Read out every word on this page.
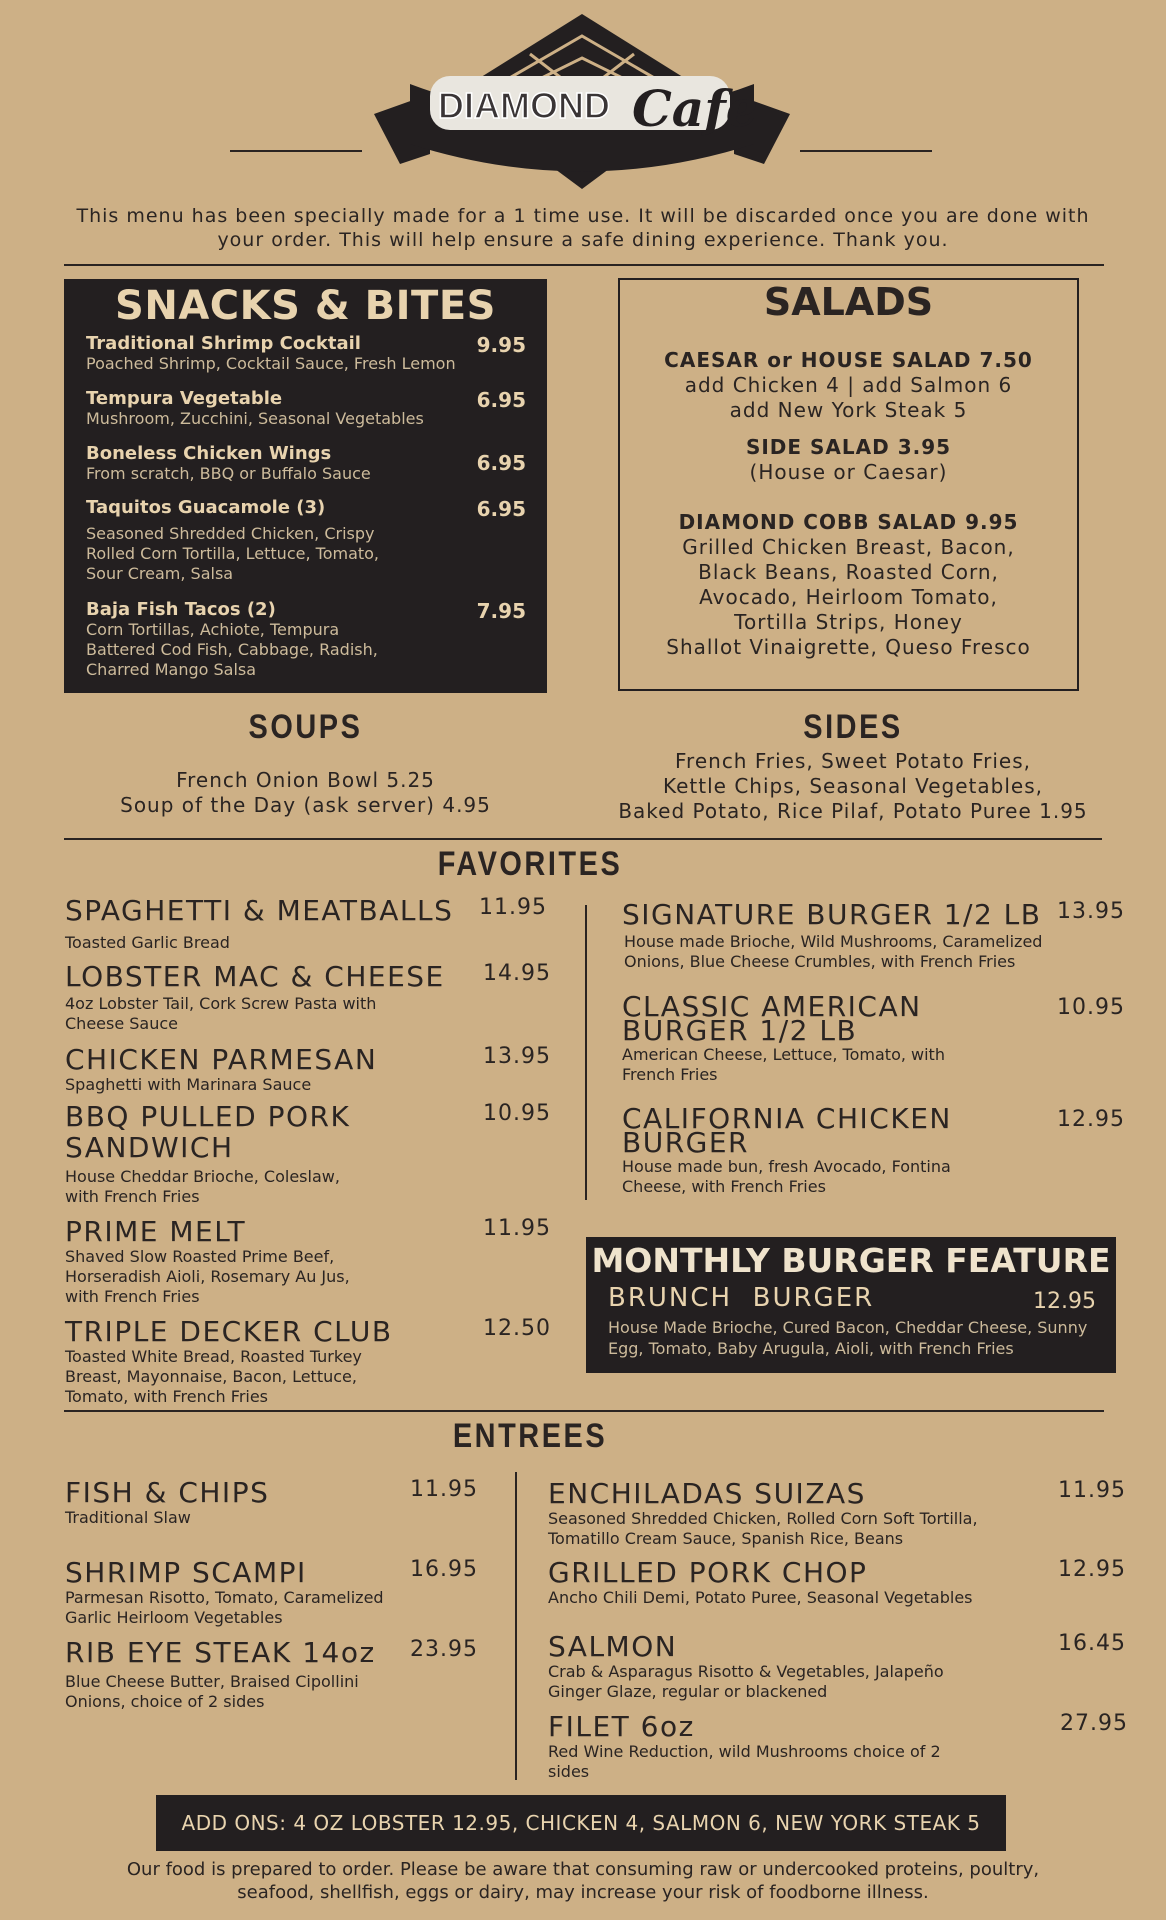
DIAMOND Cafe
This menu has been specially made for a 1 time use. It will be discarded once you are done with your order. This will help ensure a safe dining experience. Thank you.
SNACKS & BITES
Traditional Shrimp Cocktail	9.95
Poached Shrimp, Cocktail Sauce, Fresh Lemon
Tempura Vegetable	6.95
Mushroom, Zucchini, Seasonal Vegetables
Boneless Chicken Wings	6.95
From scratch, BBQ or Buffalo Sauce
Taquitos Guacamole (3)	6.95
Seasoned Shredded Chicken, Crispy Rolled Corn Tortilla, Lettuce, Tomato, Sour Cream, Salsa
Baja Fish Tacos (2)	7.95
Corn Tortillas, Achiote, Tempura Battered Cod Fish, Cabbage, Radish, Charred Mango Salsa
SALADS
CAESAR or HOUSE SALAD 7.50
add Chicken 4 | add Salmon 6
add New York Steak 5
SIDE SALAD 3.95
(House or Caesar)
DIAMOND COBB SALAD 9.95
Grilled Chicken Breast, Bacon,
Black Beans, Roasted Corn,
Avocado, Heirloom Tomato,
Tortilla Strips, Honey
Shallot Vinaigrette, Queso Fresco
SOUPS
French Onion Bowl 5.25
Soup of the Day (ask server) 4.95
SIDES
French Fries, Sweet Potato Fries,
Kettle Chips, Seasonal Vegetables,
Baked Potato, Rice Pilaf, Potato Puree 1.95
FAVORITES
SPAGHETTI & MEATBALLS	11.95
Toasted Garlic Bread
LOBSTER MAC & CHEESE	14.95
4oz Lobster Tail, Cork Screw Pasta with Cheese Sauce
CHICKEN PARMESAN	13.95
Spaghetti with Marinara Sauce
BBQ PULLED PORK SANDWICH
10.95
House Cheddar Brioche, Coleslaw, with French Fries
PRIME MELT	11.95
Shaved Slow Roasted Prime Beef, Horseradish Aioli, Rosemary Au Jus, with French Fries
TRIPLE DECKER CLUB	12.50
Toasted White Bread, Roasted Turkey Breast, Mayonnaise, Bacon, Lettuce, Tomato, with French Fries
SIGNATURE BURGER 1/2 LB 13.95
House made Brioche, Wild Mushrooms, Caramelized Onions, Blue Cheese Crumbles, with French Fries
CLASSIC AMERICAN BURGER 1/2 LB
10.95
American Cheese, Lettuce, Tomato, with French Fries
CALIFORNIA CHICKEN BURGER
12.95
House made bun, fresh Avocado, Fontina Cheese, with French Fries
MONTHLY BURGER FEATURE
BRUNCH  BURGER	12.95
House Made Brioche, Cured Bacon, Cheddar Cheese, Sunny Egg, Tomato, Baby Arugula, Aioli, with French Fries
ENTREES
FISH & CHIPS	11.95
Traditional Slaw
SHRIMP SCAMPI	16.95
Parmesan Risotto, Tomato, Caramelized Garlic Heirloom Vegetables
RIB EYE STEAK 14oz	23.95
Blue Cheese Butter, Braised Cipollini Onions, choice of 2 sides
ENCHILADAS SUIZAS	11.95
Seasoned Shredded Chicken, Rolled Corn Soft Tortilla, Tomatillo Cream Sauce, Spanish Rice, Beans
GRILLED PORK CHOP	12.95
Ancho Chili Demi, Potato Puree, Seasonal Vegetables
SALMON	16.45
Crab & Asparagus Risotto & Vegetables, Jalapeño Ginger Glaze, regular or blackened
FILET 6oz	27.95
Red Wine Reduction, wild Mushrooms choice of 2 sides
ADD ONS: 4 OZ LOBSTER 12.95, CHICKEN 4, SALMON 6, NEW YORK STEAK 5
Our food is prepared to order. Please be aware that consuming raw or undercooked proteins, poultry, seafood, shellfish, eggs or dairy, may increase your risk of foodborne illness.
